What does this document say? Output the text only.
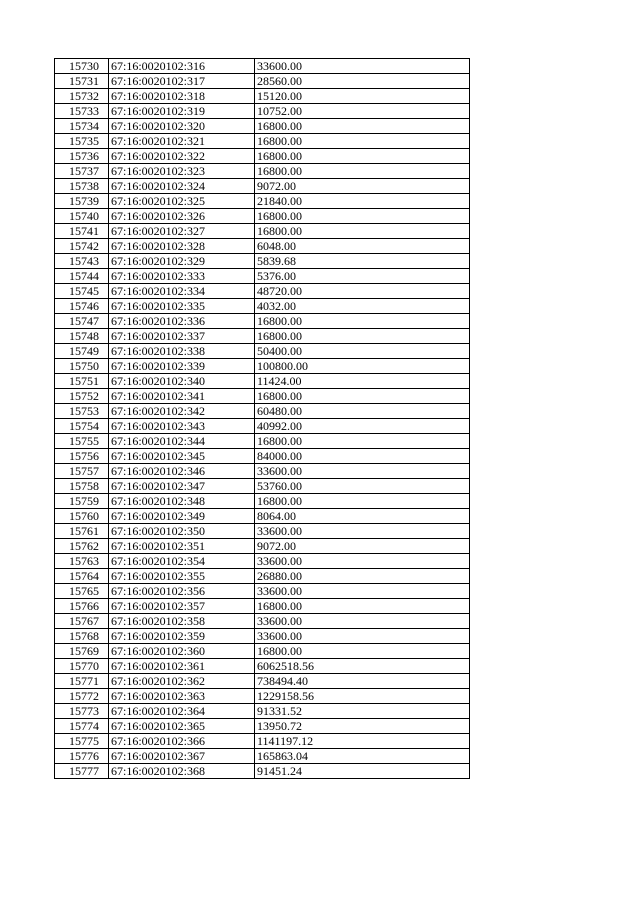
15730	67:16:0020102:316	33600.00
15731	67:16:0020102:317	28560.00
15732	67:16:0020102:318	15120.00
15733	67:16:0020102:319	10752.00
15734	67:16:0020102:320	16800.00
15735	67:16:0020102:321	16800.00
15736	67:16:0020102:322	16800.00
15737	67:16:0020102:323	16800.00
15738	67:16:0020102:324	9072.00
15739	67:16:0020102:325	21840.00
15740	67:16:0020102:326	16800.00
15741	67:16:0020102:327	16800.00
15742	67:16:0020102:328	6048.00
15743	67:16:0020102:329	5839.68
15744	67:16:0020102:333	5376.00
15745	67:16:0020102:334	48720.00
15746	67:16:0020102:335	4032.00
15747	67:16:0020102:336	16800.00
15748	67:16:0020102:337	16800.00
15749	67:16:0020102:338	50400.00
15750	67:16:0020102:339	100800.00
15751	67:16:0020102:340	11424.00
15752	67:16:0020102:341	16800.00
15753	67:16:0020102:342	60480.00
15754	67:16:0020102:343	40992.00
15755	67:16:0020102:344	16800.00
15756	67:16:0020102:345	84000.00
15757	67:16:0020102:346	33600.00
15758	67:16:0020102:347	53760.00
15759	67:16:0020102:348	16800.00
15760	67:16:0020102:349	8064.00
15761	67:16:0020102:350	33600.00
15762	67:16:0020102:351	9072.00
15763	67:16:0020102:354	33600.00
15764	67:16:0020102:355	26880.00
15765	67:16:0020102:356	33600.00
15766	67:16:0020102:357	16800.00
15767	67:16:0020102:358	33600.00
15768	67:16:0020102:359	33600.00
15769	67:16:0020102:360	16800.00
15770	67:16:0020102:361	6062518.56
15771	67:16:0020102:362	738494.40
15772	67:16:0020102:363	1229158.56
15773	67:16:0020102:364	91331.52
15774	67:16:0020102:365	13950.72
15775	67:16:0020102:366	1141197.12
15776	67:16:0020102:367	165863.04
15777	67:16:0020102:368	91451.24
